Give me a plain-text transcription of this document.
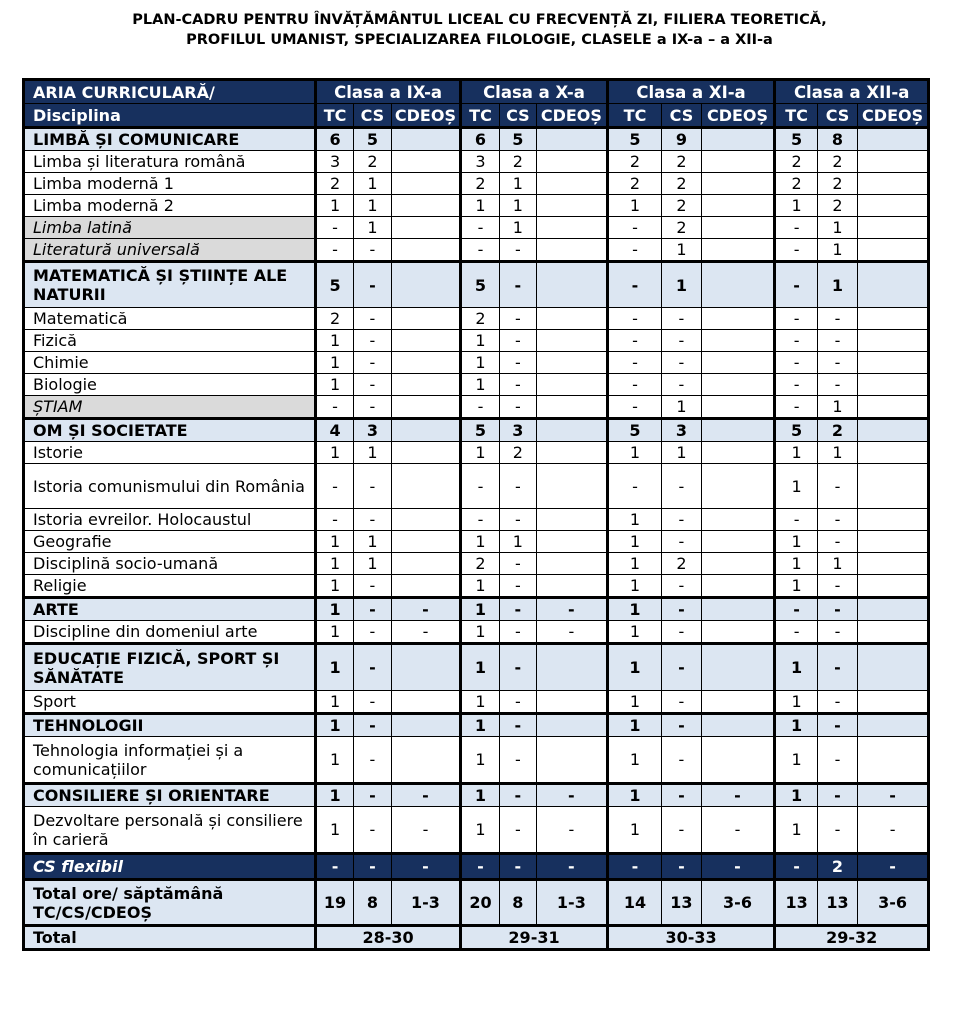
PLAN-CADRU PENTRU ÎNVĂȚĂMÂNTUL LICEAL CU FRECVENȚĂ ZI, FILIERA TEORETICĂ,
PROFILUL UMANIST, SPECIALIZAREA FILOLOGIE, CLASELE a IX-a – a XII-a
ARIA CURRICULARĂ/	Clasa a IX-a			Clasa a X-a			Clasa a XI-a			Clasa a XII-a		
Disciplina	TC	CS	CDEOȘ	TC	CS	CDEOȘ	TC	CS	CDEOȘ	TC	CS	CDEOȘ
LIMBĂ ȘI COMUNICARE	6	5		6	5		5	9		5	8	
Limba și literatura română	3	2		3	2		2	2		2	2	
Limba modernă 1	2	1		2	1		2	2		2	2	
Limba modernă 2	1	1		1	1		1	2		1	2	
Limba latină	-	1		-	1		-	2		-	1	
Literatură universală	-	-		-	-		-	1		-	1	
MATEMATICĂ ȘI ȘTIINȚE ALE NATURII	5	-		5	-		-	1		-	1	
Matematică	2	-		2	-		-	-		-	-	
Fizică	1	-		1	-		-	-		-	-	
Chimie	1	-		1	-		-	-		-	-	
Biologie	1	-		1	-		-	-		-	-	
ȘTIAM	-	-		-	-		-	1		-	1	
OM ȘI SOCIETATE	4	3		5	3		5	3		5	2	
Istorie	1	1		1	2		1	1		1	1	
Istoria comunismului din România	-	-		-	-		-	-		1	-	
Istoria evreilor. Holocaustul	-	-		-	-		1	-		-	-	
Geografie	1	1		1	1		1	-		1	-	
Disciplină socio-umană	1	1		2	-		1	2		1	1	
Religie	1	-		1	-		1	-		1	-	
ARTE	1	-	-	1	-	-	1	-		-	-	
Discipline din domeniul arte	1	-	-	1	-	-	1	-		-	-	
EDUCAȚIE FIZICĂ, SPORT ȘI SĂNĂTATE	1	-		1	-		1	-		1	-	
Sport	1	-		1	-		1	-		1	-	
TEHNOLOGII	1	-		1	-		1	-		1	-	
Tehnologia informației și a comunicațiilor	1	-		1	-		1	-		1	-	
CONSILIERE ȘI ORIENTARE	1	-	-	1	-	-	1	-	-	1	-	-
Dezvoltare personală și consiliere în carieră	1	-	-	1	-	-	1	-	-	1	-	-
CS flexibil	-	-	-	-	-	-	-	-	-	-	2	-
Total ore/ săptămână TC/CS/CDEOȘ	19	8	1-3	20	8	1-3	14	13	3-6	13	13	3-6
Total	28-30			29-31			30-33			29-32		
